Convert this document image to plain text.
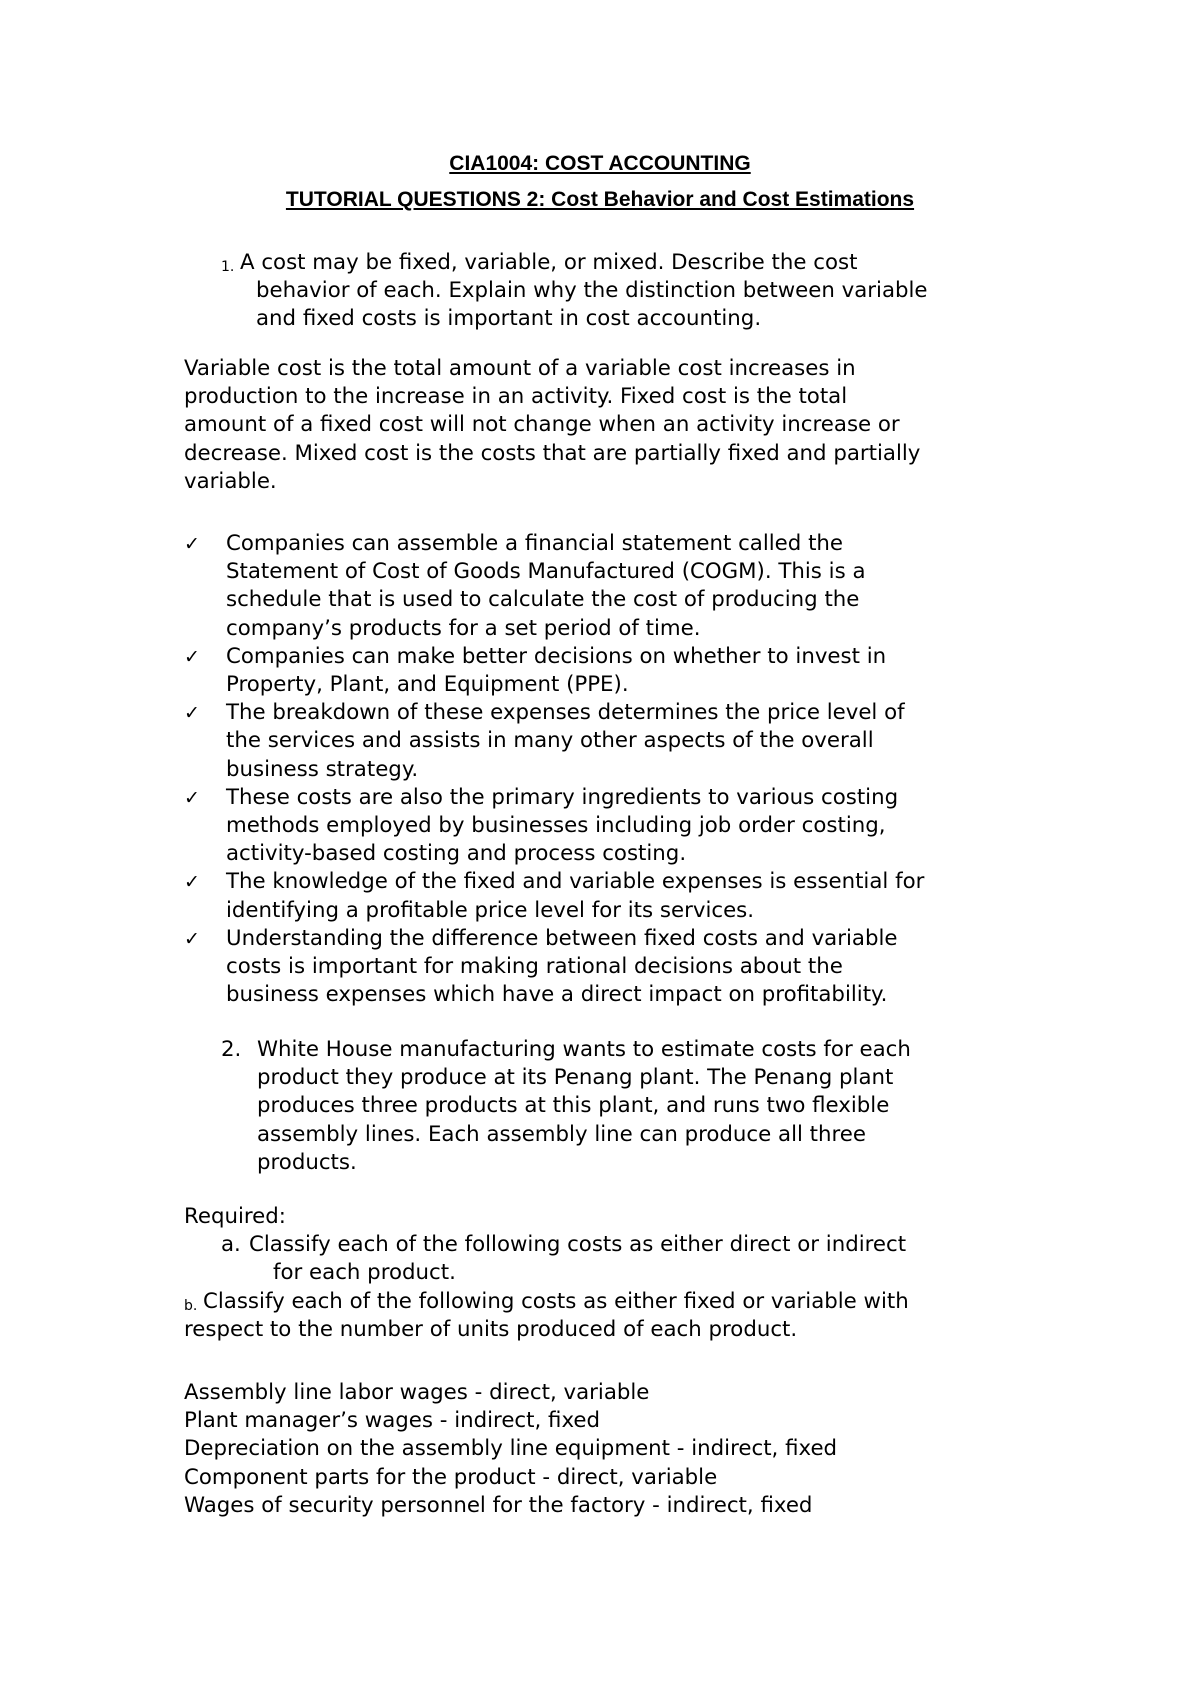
CIA1004: COST ACCOUNTING
TUTORIAL QUESTIONS 2: Cost Behavior and Cost Estimations
1. A cost may be fixed, variable, or mixed. Describe the cost
behavior of each. Explain why the distinction between variable
and fixed costs is important in cost accounting.
Variable cost is the total amount of a variable cost increases in
production to the increase in an activity. Fixed cost is the total
amount of a fixed cost will not change when an activity increase or
decrease. Mixed cost is the costs that are partially fixed and partially
variable.
✓ Companies can assemble a financial statement called the
Statement of Cost of Goods Manufactured (COGM). This is a
schedule that is used to calculate the cost of producing the
company’s products for a set period of time.
✓ Companies can make better decisions on whether to invest in
Property, Plant, and Equipment (PPE).
✓ The breakdown of these expenses determines the price level of
the services and assists in many other aspects of the overall
business strategy.
✓ These costs are also the primary ingredients to various costing
methods employed by businesses including job order costing,
activity-based costing and process costing.
✓ The knowledge of the fixed and variable expenses is essential for
identifying a profitable price level for its services.
✓ Understanding the difference between fixed costs and variable
costs is important for making rational decisions about the
business expenses which have a direct impact on profitability.
2. White House manufacturing wants to estimate costs for each
product they produce at its Penang plant. The Penang plant
produces three products at this plant, and runs two flexible
assembly lines. Each assembly line can produce all three
products.
Required:
a. Classify each of the following costs as either direct or indirect
for each product.
b. Classify each of the following costs as either fixed or variable with
respect to the number of units produced of each product.
Assembly line labor wages - direct, variable
Plant manager’s wages - indirect, fixed
Depreciation on the assembly line equipment - indirect, fixed
Component parts for the product - direct, variable
Wages of security personnel for the factory - indirect, fixed
